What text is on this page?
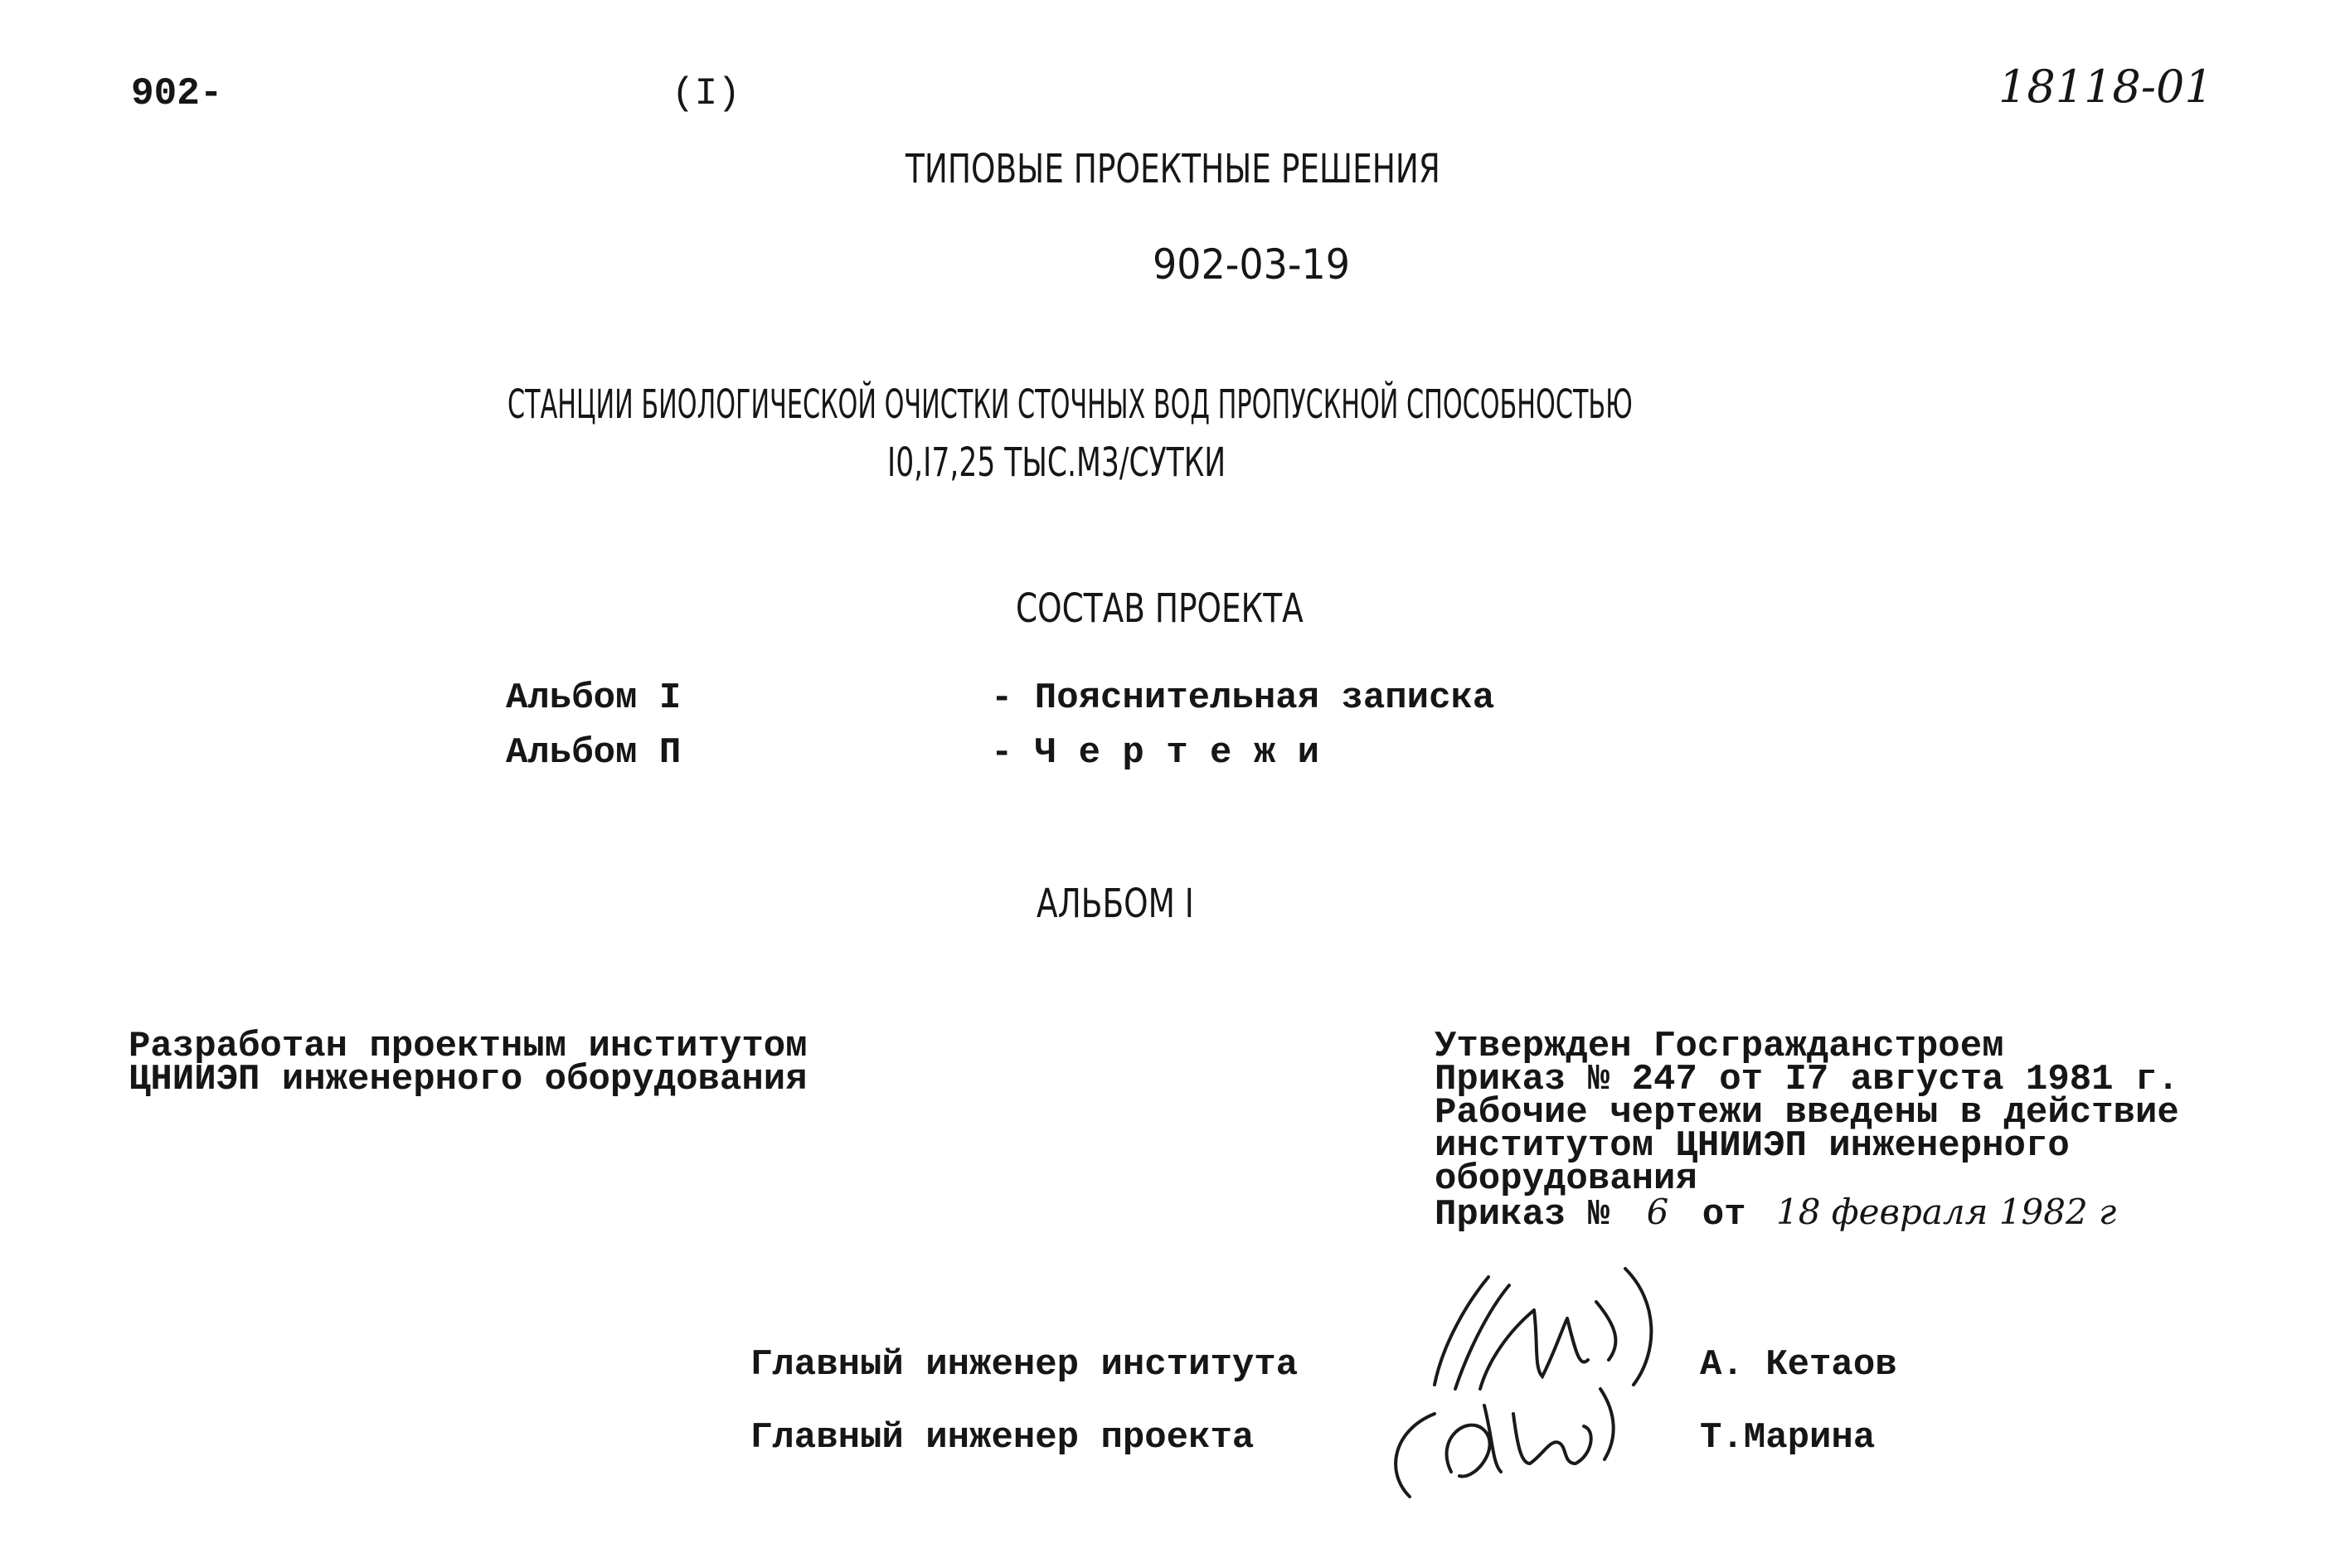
902-	(I)	18118-01
ТИПОВЫЕ ПРОЕКТНЫЕ РЕШЕНИЯ
902-03-19
СТАНЦИИ БИОЛОГИЧЕСКОЙ ОЧИСТКИ СТОЧНЫХ ВОД ПРОПУСКНОЙ СПОСОБНОСТЬЮ
I0,I7,25 ТЫС.М3/СУТКИ
СОСТАВ ПРОЕКТА
Альбом I	- Пояснительная записка
Альбом П	- Ч е р т е ж и
АЛЬБОМ I
Разработан проектным институтом
ЦНИИЭП инженерного оборудования
Утвержден Госгражданстроем
Приказ № 247 от I7 августа 1981 г.
Рабочие чертежи введены в действие
институтом ЦНИИЭП инженерного
оборудования
Приказ № 6 от 18 февраля 1982 г
Главный инженер института	А. Кетаов
Главный инженер проекта	Т.Марина
